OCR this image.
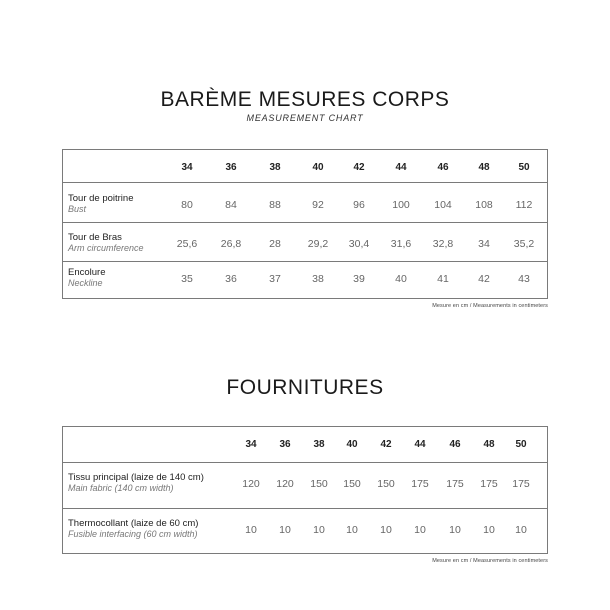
BARÈME MESURES CORPS
MEASUREMENT CHART
34	36	38	40	42	44	46	48	50
Tour de poitrine
Bust	80	84	88	92	96	100 104 108 112
Tour de Bras
Arm circumference	25,6 26,8	28	29,2 30,4 31,6 32,8 34 35,2
Encolure
Neckline	35	36	37	38	39	40	41	42	43
Mesure en cm / Measurements in centimeters
FOURNITURES
34 36 38 40 42 44 46 48 50
Tissu principal (laize de 140 cm)
Main fabric (140 cm width)	120 120 150 150 150 175 175 175 175
Thermocollant (laize de 60 cm)
Fusible interfacing (60 cm width)	10 10 10 10 10 10 10 10 10
Mesure en cm / Measurements in centimeters
